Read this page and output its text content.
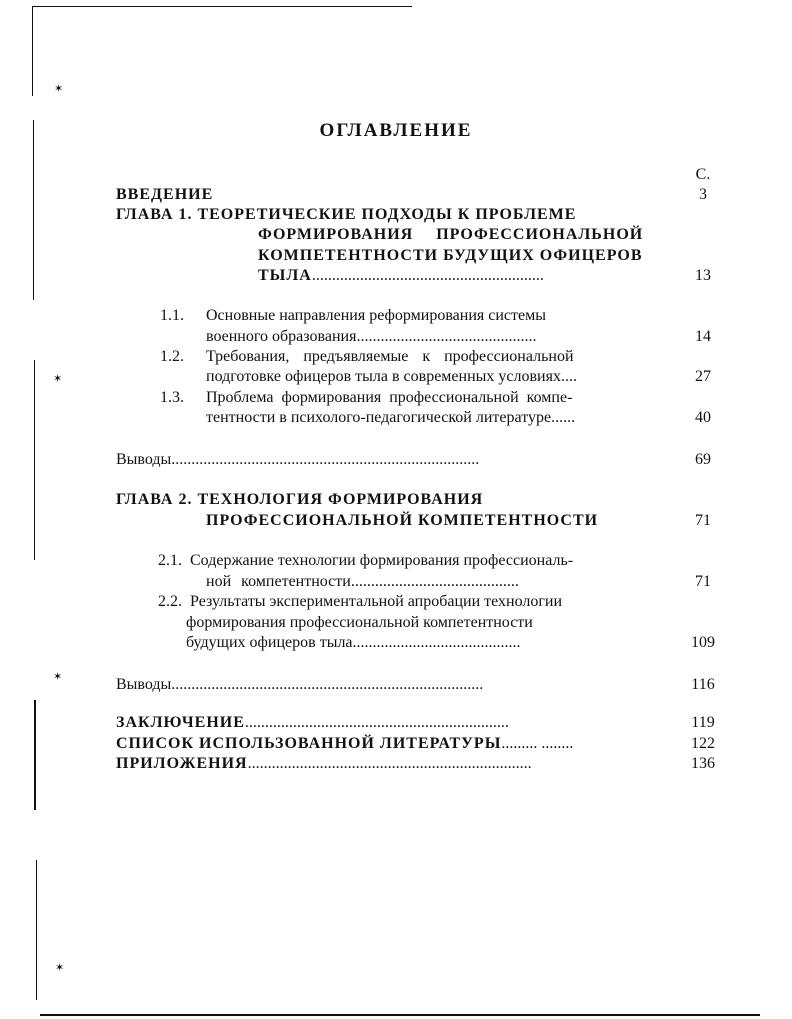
✶
✶
✶
✶
ОГЛАВЛЕНИЕ
С.
ВВЕДЕНИЕ	3
ГЛАВА 1. ТЕОРЕТИЧЕСКИЕ ПОДХОДЫ К ПРОБЛЕМЕ
ФОРМИРОВАНИЯ ПРОФЕССИОНАЛЬНОЙ
КОМПЕТЕНТНОСТИ БУДУЩИХ ОФИЦЕРОВ
ТЫЛА..........................................................	13
1.1. Основные направления реформирования системы
военного образования.............................................	14
1.2. Требования, предъявляемые к профессиональной
подготовке офицеров тыла в современных условиях....	27
1.3. Проблема формирования профессиональной компе-
тентности в психолого-педагогической литературе......	40
Выводы.............................................................................	69
ГЛАВА 2. ТЕХНОЛОГИЯ ФОРМИРОВАНИЯ
ПРОФЕССИОНАЛЬНОЙ КОМПЕТЕНТНОСТИ	71
2.1. Содержание технологии формирования профессиональ-
ной компетентности..........................................	71
2.2. Результаты экспериментальной апробации технологии
формирования профессиональной компетентности
будущих офицеров тыла..........................................	109
Выводы..............................................................................	116
ЗАКЛЮЧЕНИЕ..................................................................	119
СПИСОК ИСПОЛЬЗОВАННОЙ ЛИТЕРАТУРЫ......... ........	122
ПРИЛОЖЕНИЯ.......................................................................	136
